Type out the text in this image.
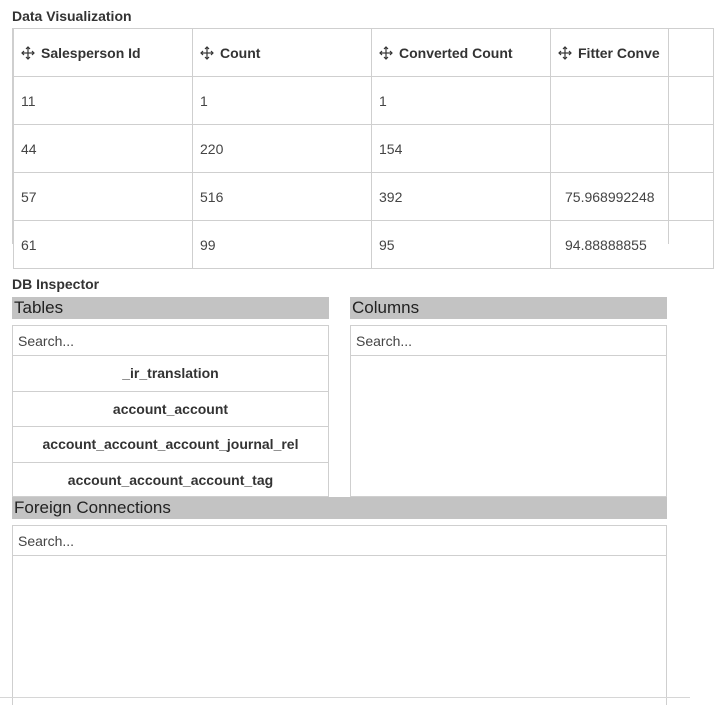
Data Visualization
Salesperson Id	Count	Converted Count	Fitter Conve

11	1	1	
44	220	154	
57	516	392	75.968992248
61	99	95	94.88888855
DB Inspector
Tables	Columns
Search...
_ir_translation
account_account
account_account_account_journal_rel
account_account_account_tag
Search...
Foreign Connections
Search...
